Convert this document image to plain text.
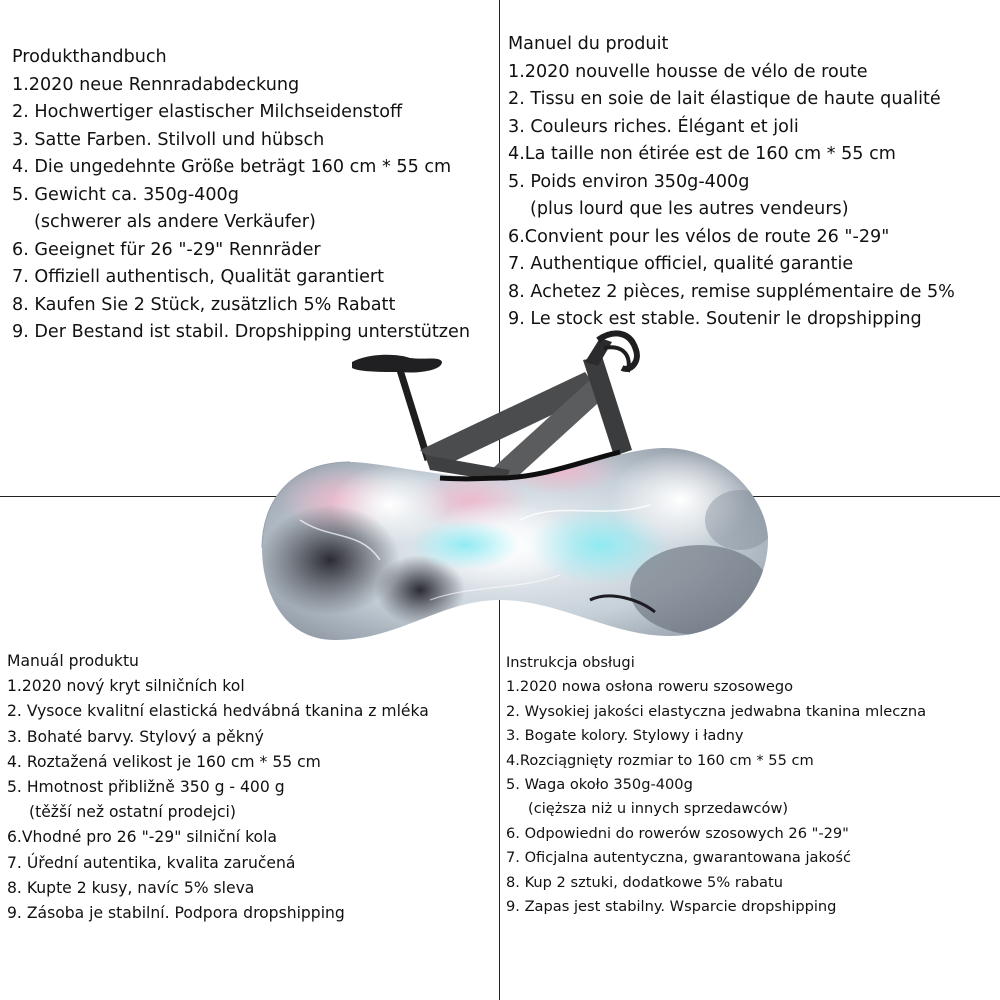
Produkthandbuch
1.2020 neue Rennradabdeckung
2. Hochwertiger elastischer Milchseidenstoff
3. Satte Farben. Stilvoll und hübsch
4. Die ungedehnte Größe beträgt 160 cm * 55 cm
5. Gewicht ca. 350g-400g
(schwerer als andere Verkäufer)
6. Geeignet für 26 "-29" Rennräder
7. Offiziell authentisch, Qualität garantiert
8. Kaufen Sie 2 Stück, zusätzlich 5% Rabatt
9. Der Bestand ist stabil. Dropshipping unterstützen
Manuel du produit
1.2020 nouvelle housse de vélo de route
2. Tissu en soie de lait élastique de haute qualité
3. Couleurs riches. Élégant et joli
4.La taille non étirée est de 160 cm * 55 cm
5. Poids environ 350g-400g
(plus lourd que les autres vendeurs)
6.Convient pour les vélos de route 26 "-29"
7. Authentique officiel, qualité garantie
8. Achetez 2 pièces, remise supplémentaire de 5%
9. Le stock est stable. Soutenir le dropshipping
Manuál produktu
1.2020 nový kryt silničních kol
2. Vysoce kvalitní elastická hedvábná tkanina z mléka
3. Bohaté barvy. Stylový a pěkný
4. Roztažená velikost je 160 cm * 55 cm
5. Hmotnost přibližně 350 g - 400 g
(těžší než ostatní prodejci)
6.Vhodné pro 26 "-29" silniční kola
7. Úřední autentika, kvalita zaručená
8. Kupte 2 kusy, navíc 5% sleva
9. Zásoba je stabilní. Podpora dropshipping
Instrukcja obsługi
1.2020 nowa osłona roweru szosowego
2. Wysokiej jakości elastyczna jedwabna tkanina mleczna
3. Bogate kolory. Stylowy i ładny
4.Rozciągnięty rozmiar to 160 cm * 55 cm
5. Waga około 350g-400g
(cięższa niż u innych sprzedawców)
6. Odpowiedni do rowerów szosowych 26 "-29"
7. Oficjalna autentyczna, gwarantowana jakość
8. Kup 2 sztuki, dodatkowe 5% rabatu
9. Zapas jest stabilny. Wsparcie dropshipping
